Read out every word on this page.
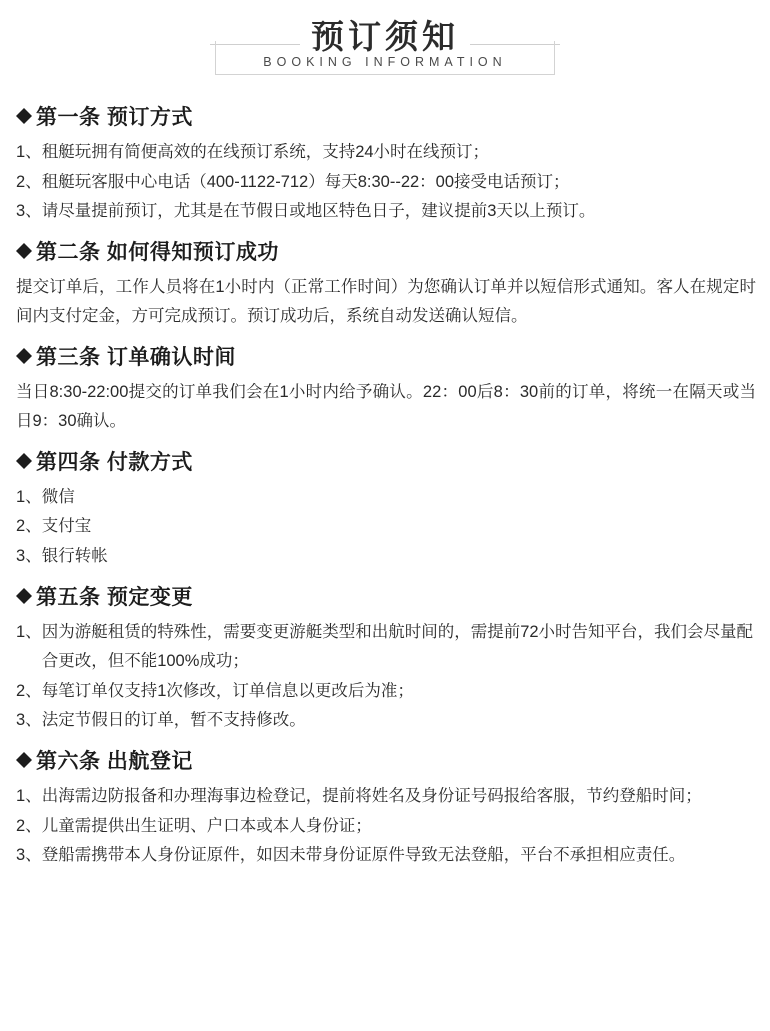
预订须知
BOOKING INFORMATION
第一条 预订方式
1、 租艇玩拥有简便高效的在线预订系统，支持24小时在线预订；
2、 租艇玩客服中心电话（400-1122-712）每天8:30--22：00接受电话预订；
3、 请尽量提前预订，尤其是在节假日或地区特色日子，建议提前3天以上预订。
第二条 如何得知预订成功

提交订单后，工作人员将在1小时内（正常工作时间）为您确认订单并以短信形式通知。客人在规定时间内支付定金，方可完成预订。预订成功后，系统自动发送确认短信。

第三条 订单确认时间

当日8:30-22:00提交的订单我们会在1小时内给予确认。22：00后8：30前的订单，将统一在隔天或当日9：30确认。

第四条 付款方式
1、 微信
2、 支付宝
3、 银行转帐
第五条 预定变更
1、 因为游艇租赁的特殊性，需要变更游艇类型和出航时间的，需提前72小时告知平台，我们会尽量配合更改，但不能100%成功；
2、 每笔订单仅支持1次修改，订单信息以更改后为准；
3、 法定节假日的订单，暂不支持修改。
第六条 出航登记
1、 出海需边防报备和办理海事边检登记，提前将姓名及身份证号码报给客服，节约登船时间；
2、 儿童需提供出生证明、户口本或本人身份证；
3、 登船需携带本人身份证原件，如因未带身份证原件导致无法登船，平台不承担相应责任。
